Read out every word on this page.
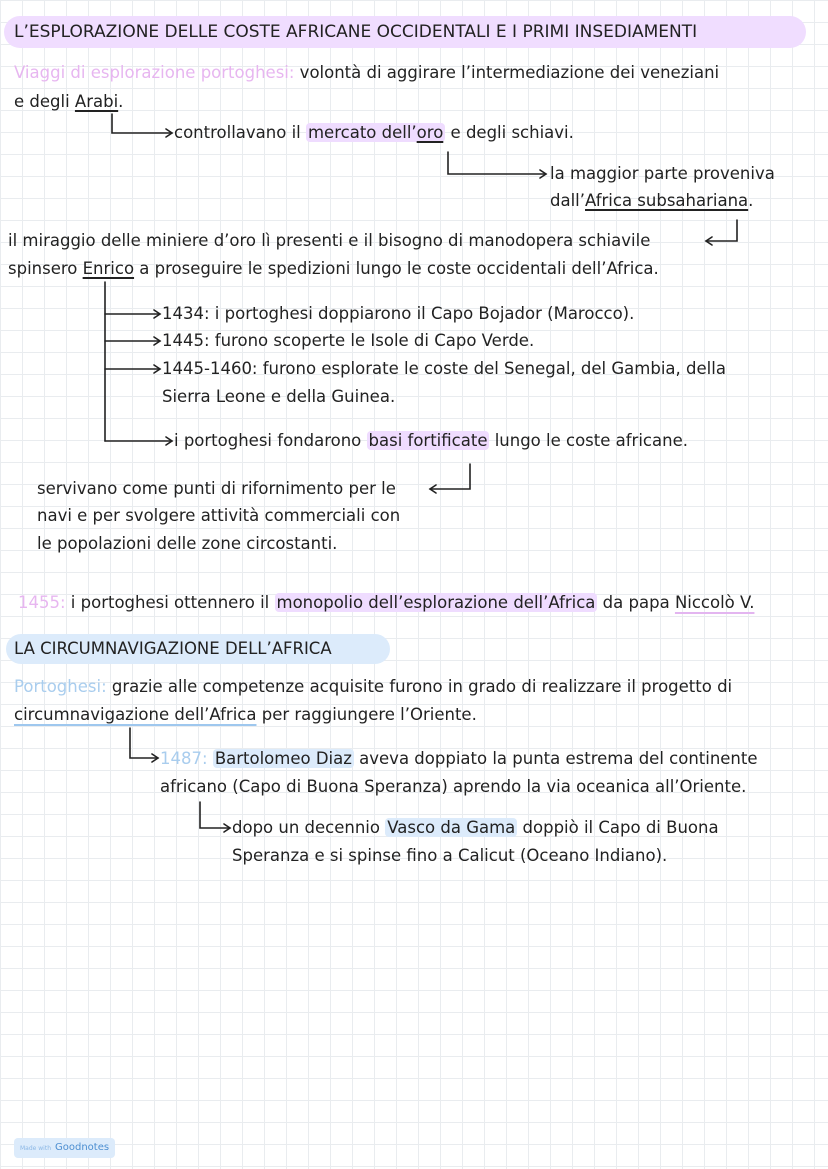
L’ESPLORAZIONE DELLE COSTE AFRICANE OCCIDENTALI E I PRIMI INSEDIAMENTI
Viaggi di esplorazione portoghesi: volontà di aggirare l’intermediazione dei veneziani
e degli Arabi.
controllavano il mercato dell’oro e degli schiavi.
la maggior parte proveniva
dall’Africa subsahariana.
il miraggio delle miniere d’oro lì presenti e il bisogno di manodopera schiavile
spinsero Enrico a proseguire le spedizioni lungo le coste occidentali dell’Africa.
1434: i portoghesi doppiarono il Capo Bojador (Marocco).
1445: furono scoperte le Isole di Capo Verde.
1445-1460: furono esplorate le coste del Senegal, del Gambia, della
Sierra Leone e della Guinea.
i portoghesi fondarono basi fortificate lungo le coste africane.
servivano come punti di rifornimento per le
navi e per svolgere attività commerciali con
le popolazioni delle zone circostanti.
1455: i portoghesi ottennero il monopolio dell’esplorazione dell’Africa da papa Niccolò V.
LA CIRCUMNAVIGAZIONE DELL’AFRICA
Portoghesi: grazie alle competenze acquisite furono in grado di realizzare il progetto di
circumnavigazione dell’Africa per raggiungere l’Oriente.
1487: Bartolomeo Diaz aveva doppiato la punta estrema del continente
africano (Capo di Buona Speranza) aprendo la via oceanica all’Oriente.
dopo un decennio Vasco da Gama doppiò il Capo di Buona
Speranza e si spinse fino a Calicut (Oceano Indiano).
Made with Goodnotes
